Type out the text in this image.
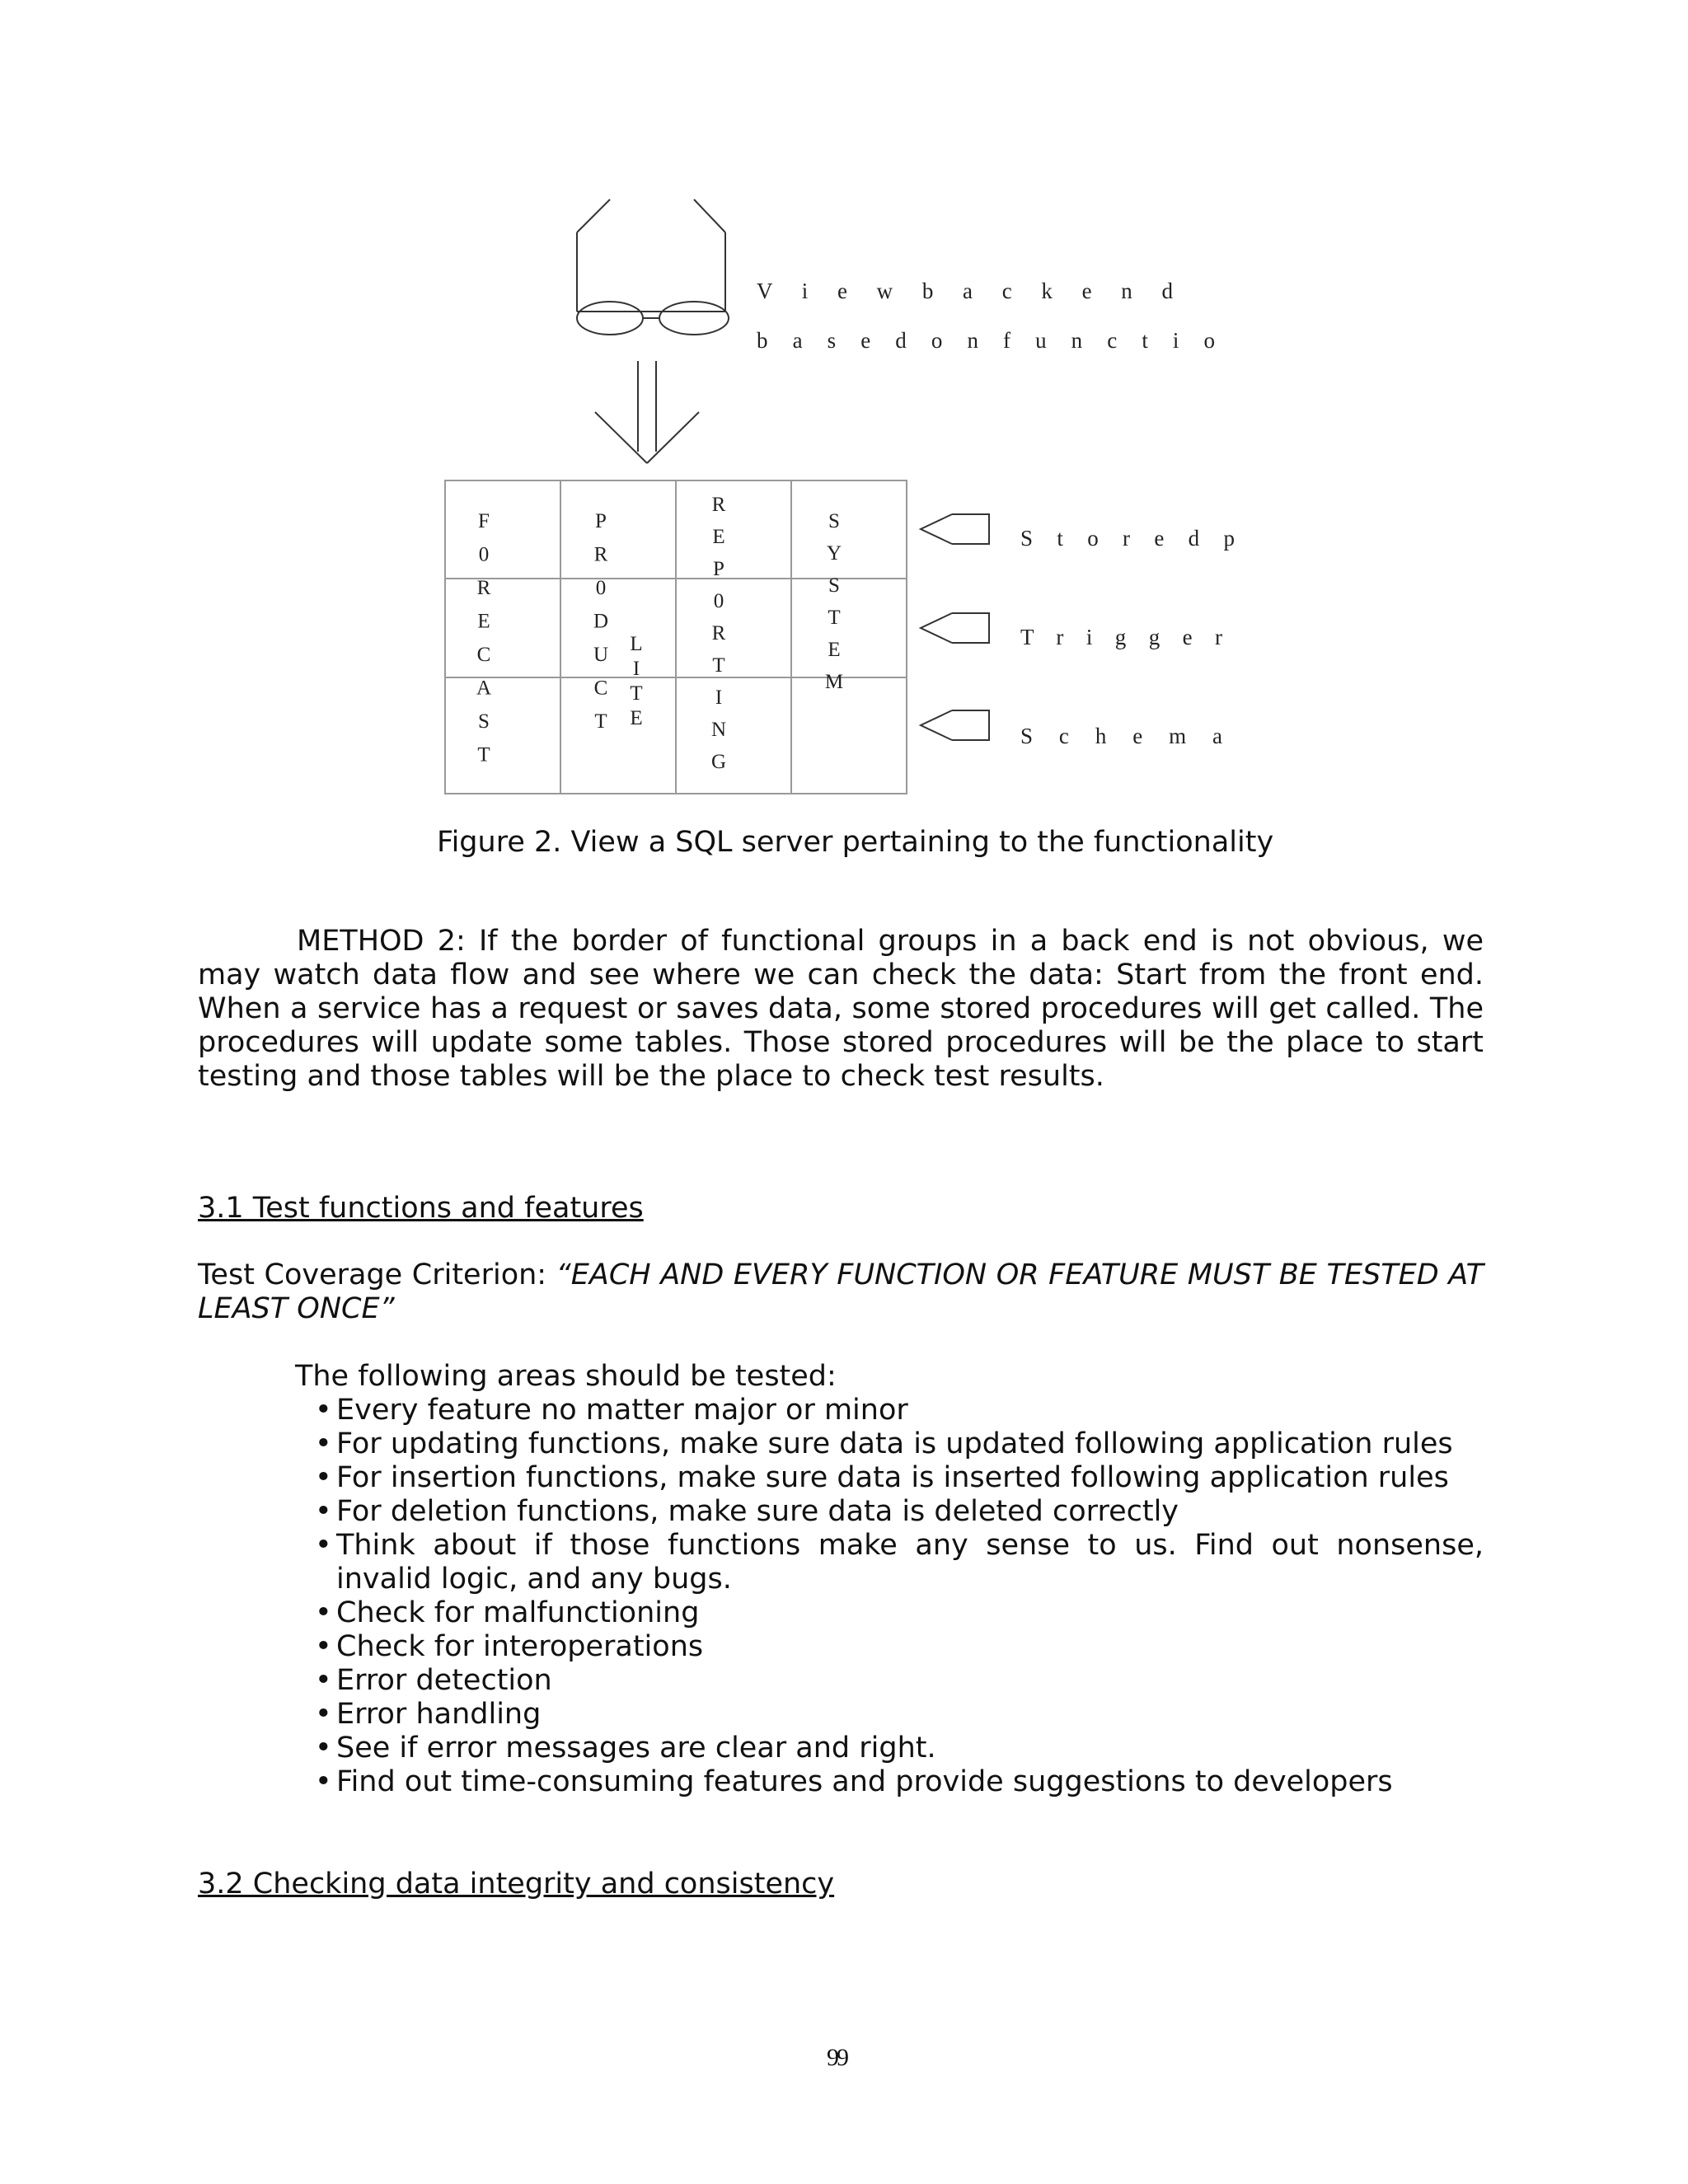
V i e w b a c k e n d
b a s e d o n f u n c t i o
F 0 R E C A S T
P R 0 D U C T
L I T E
R E P 0 R T I N G
S Y S T E M
S t o r e d p
T r i g g e r
S c h e m a
Figure 2. View a SQL server pertaining to the functionality
METHOD 2: If the border of functional groups in a back end is not obvious, we may watch data flow and see where we can check the data: Start from the front end. When a service has a request or saves data, some stored procedures will get called. The procedures will update some tables. Those stored procedures will be the place to start testing and those tables will be the place to check test results.
3.1 Test functions and features
Test Coverage Criterion: “EACH AND EVERY FUNCTION OR FEATURE MUST BE TESTED AT LEAST ONCE”
The following areas should be tested:
• Every feature no matter major or minor
• For updating functions, make sure data is updated following application rules
• For insertion functions, make sure data is inserted following application rules
• For deletion functions, make sure data is deleted correctly
• Think about if those functions make any sense to us. Find out nonsense, invalid logic, and any bugs.
• Check for malfunctioning
• Check for interoperations
• Error detection
• Error handling
• See if error messages are clear and right.
• Find out time-consuming features and provide suggestions to developers
3.2 Checking data integrity and consistency
99
